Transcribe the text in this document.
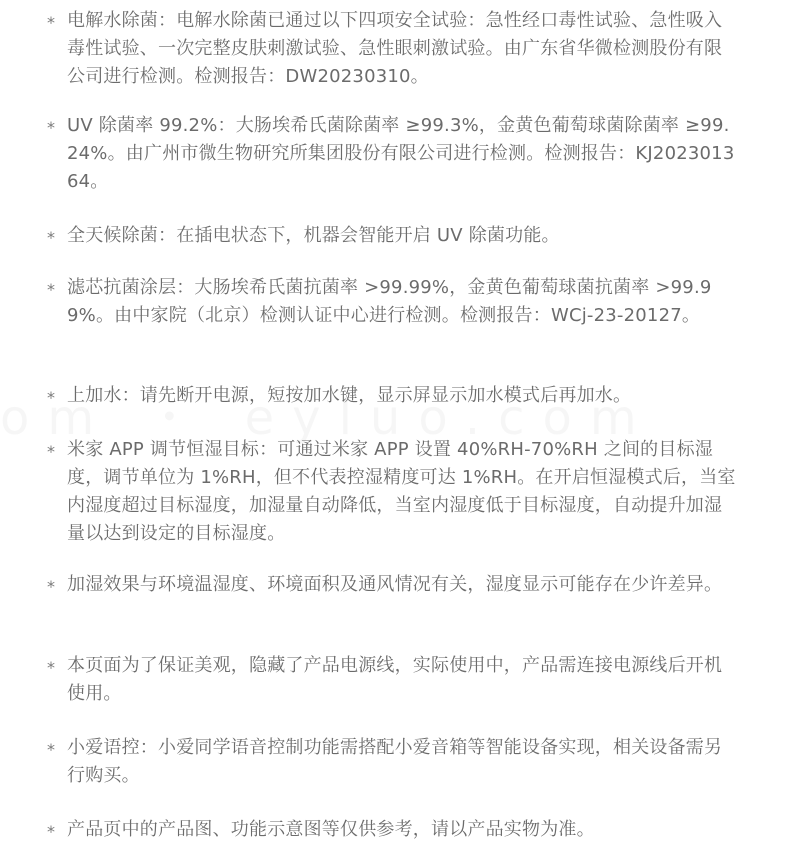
* 电解水除菌：电解水除菌已通过以下四项安全试验：急性经口毒性试验、急性吸入毒性试验、一次完整皮肤刺激试验、急性眼刺激试验。由广东省华微检测股份有限公司进行检测。检测报告：DW20230310。
* UV 除菌率 99.2%：大肠埃希氏菌除菌率 ≥99.3%，金黄色葡萄球菌除菌率 ≥99.24%。由广州市微生物研究所集团股份有限公司进行检测。检测报告：KJ202301364。
* 全天候除菌：在插电状态下，机器会智能开启 UV 除菌功能。
* 滤芯抗菌涂层：大肠埃希氏菌抗菌率 >99.99%，金黄色葡萄球菌抗菌率 >99.99%。由中家院（北京）检测认证中心进行检测。检测报告：WCj-23-20127。
* 上加水：请先断开电源，短按加水键，显示屏显示加水模式后再加水。
* 米家 APP 调节恒湿目标：可通过米家 APP 设置 40%RH-70%RH 之间的目标湿度，调节单位为 1%RH，但不代表控湿精度可达 1%RH。在开启恒湿模式后，当室内湿度超过目标湿度，加湿量自动降低，当室内湿度低于目标湿度，自动提升加湿量以达到设定的目标湿度。
* 加湿效果与环境温湿度、环境面积及通风情况有关，湿度显示可能存在少许差异。
* 本页面为了保证美观，隐藏了产品电源线，实际使用中，产品需连接电源线后开机使用。
* 小爱语控：小爱同学语音控制功能需搭配小爱音箱等智能设备实现，相关设备需另行购买。
* 产品页中的产品图、功能示意图等仅供参考，请以产品实物为准。
